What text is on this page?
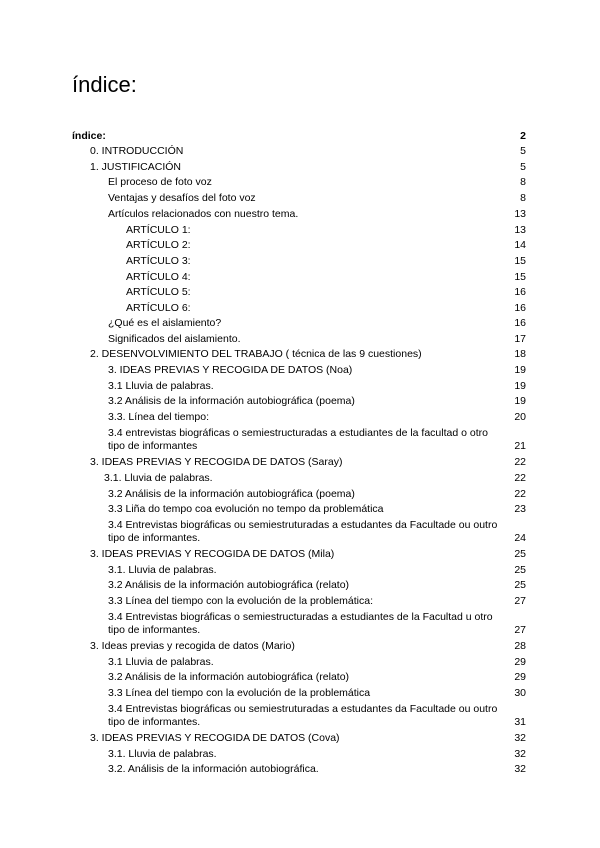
índice:
índice:	2
0. INTRODUCCIÓN	5
1. JUSTIFICACIÓN	5
El proceso de foto voz	8
Ventajas y desafíos del foto voz	8
Artículos relacionados con nuestro tema.	13
ARTÍCULO 1:	13
ARTÍCULO 2:	14
ARTÍCULO 3:	15
ARTÍCULO 4:	15
ARTÍCULO 5:	16
ARTÍCULO 6:	16
¿Qué es el aislamiento?	16
Significados del aislamiento.	17
2. DESENVOLVIMIENTO DEL TRABAJO ( técnica de las 9 cuestiones)	18
3. IDEAS PREVIAS Y RECOGIDA DE DATOS (Noa)	19
3.1 Lluvia de palabras.	19
3.2 Análisis de la información autobiográfica (poema)	19
3.3. Línea del tiempo:	20
3.4 entrevistas biográficas o semiestructuradas a estudiantes de la facultad o otro
tipo de informantes	21
3. IDEAS PREVIAS Y RECOGIDA DE DATOS (Saray)	22
3.1. Lluvia de palabras.	22
3.2 Análisis de la información autobiográfica (poema)	22
3.3 Liña do tempo coa evolución no tempo da problemática	23
3.4 Entrevistas biográficas ou semiestruturadas a estudantes da Facultade ou outro
tipo de informantes.	24
3. IDEAS PREVIAS Y RECOGIDA DE DATOS (Mila)	25
3.1. Lluvia de palabras.	25
3.2 Análisis de la información autobiográfica (relato)	25
3.3 Línea del tiempo con la evolución de la problemática:	27
3.4 Entrevistas biográficas o semiestructuradas a estudiantes de la Facultad u otro
tipo de informantes.	27
3. Ideas previas y recogida de datos (Mario)	28
3.1 Lluvia de palabras.	29
3.2 Análisis de la información autobiográfica (relato)	29
3.3 Línea del tiempo con la evolución de la problemática	30
3.4 Entrevistas biográficas ou semiestruturadas a estudantes da Facultade ou outro
tipo de informantes.	31
3. IDEAS PREVIAS Y RECOGIDA DE DATOS (Cova)	32
3.1. Lluvia de palabras.	32
3.2. Análisis de la información autobiográfica.	32
